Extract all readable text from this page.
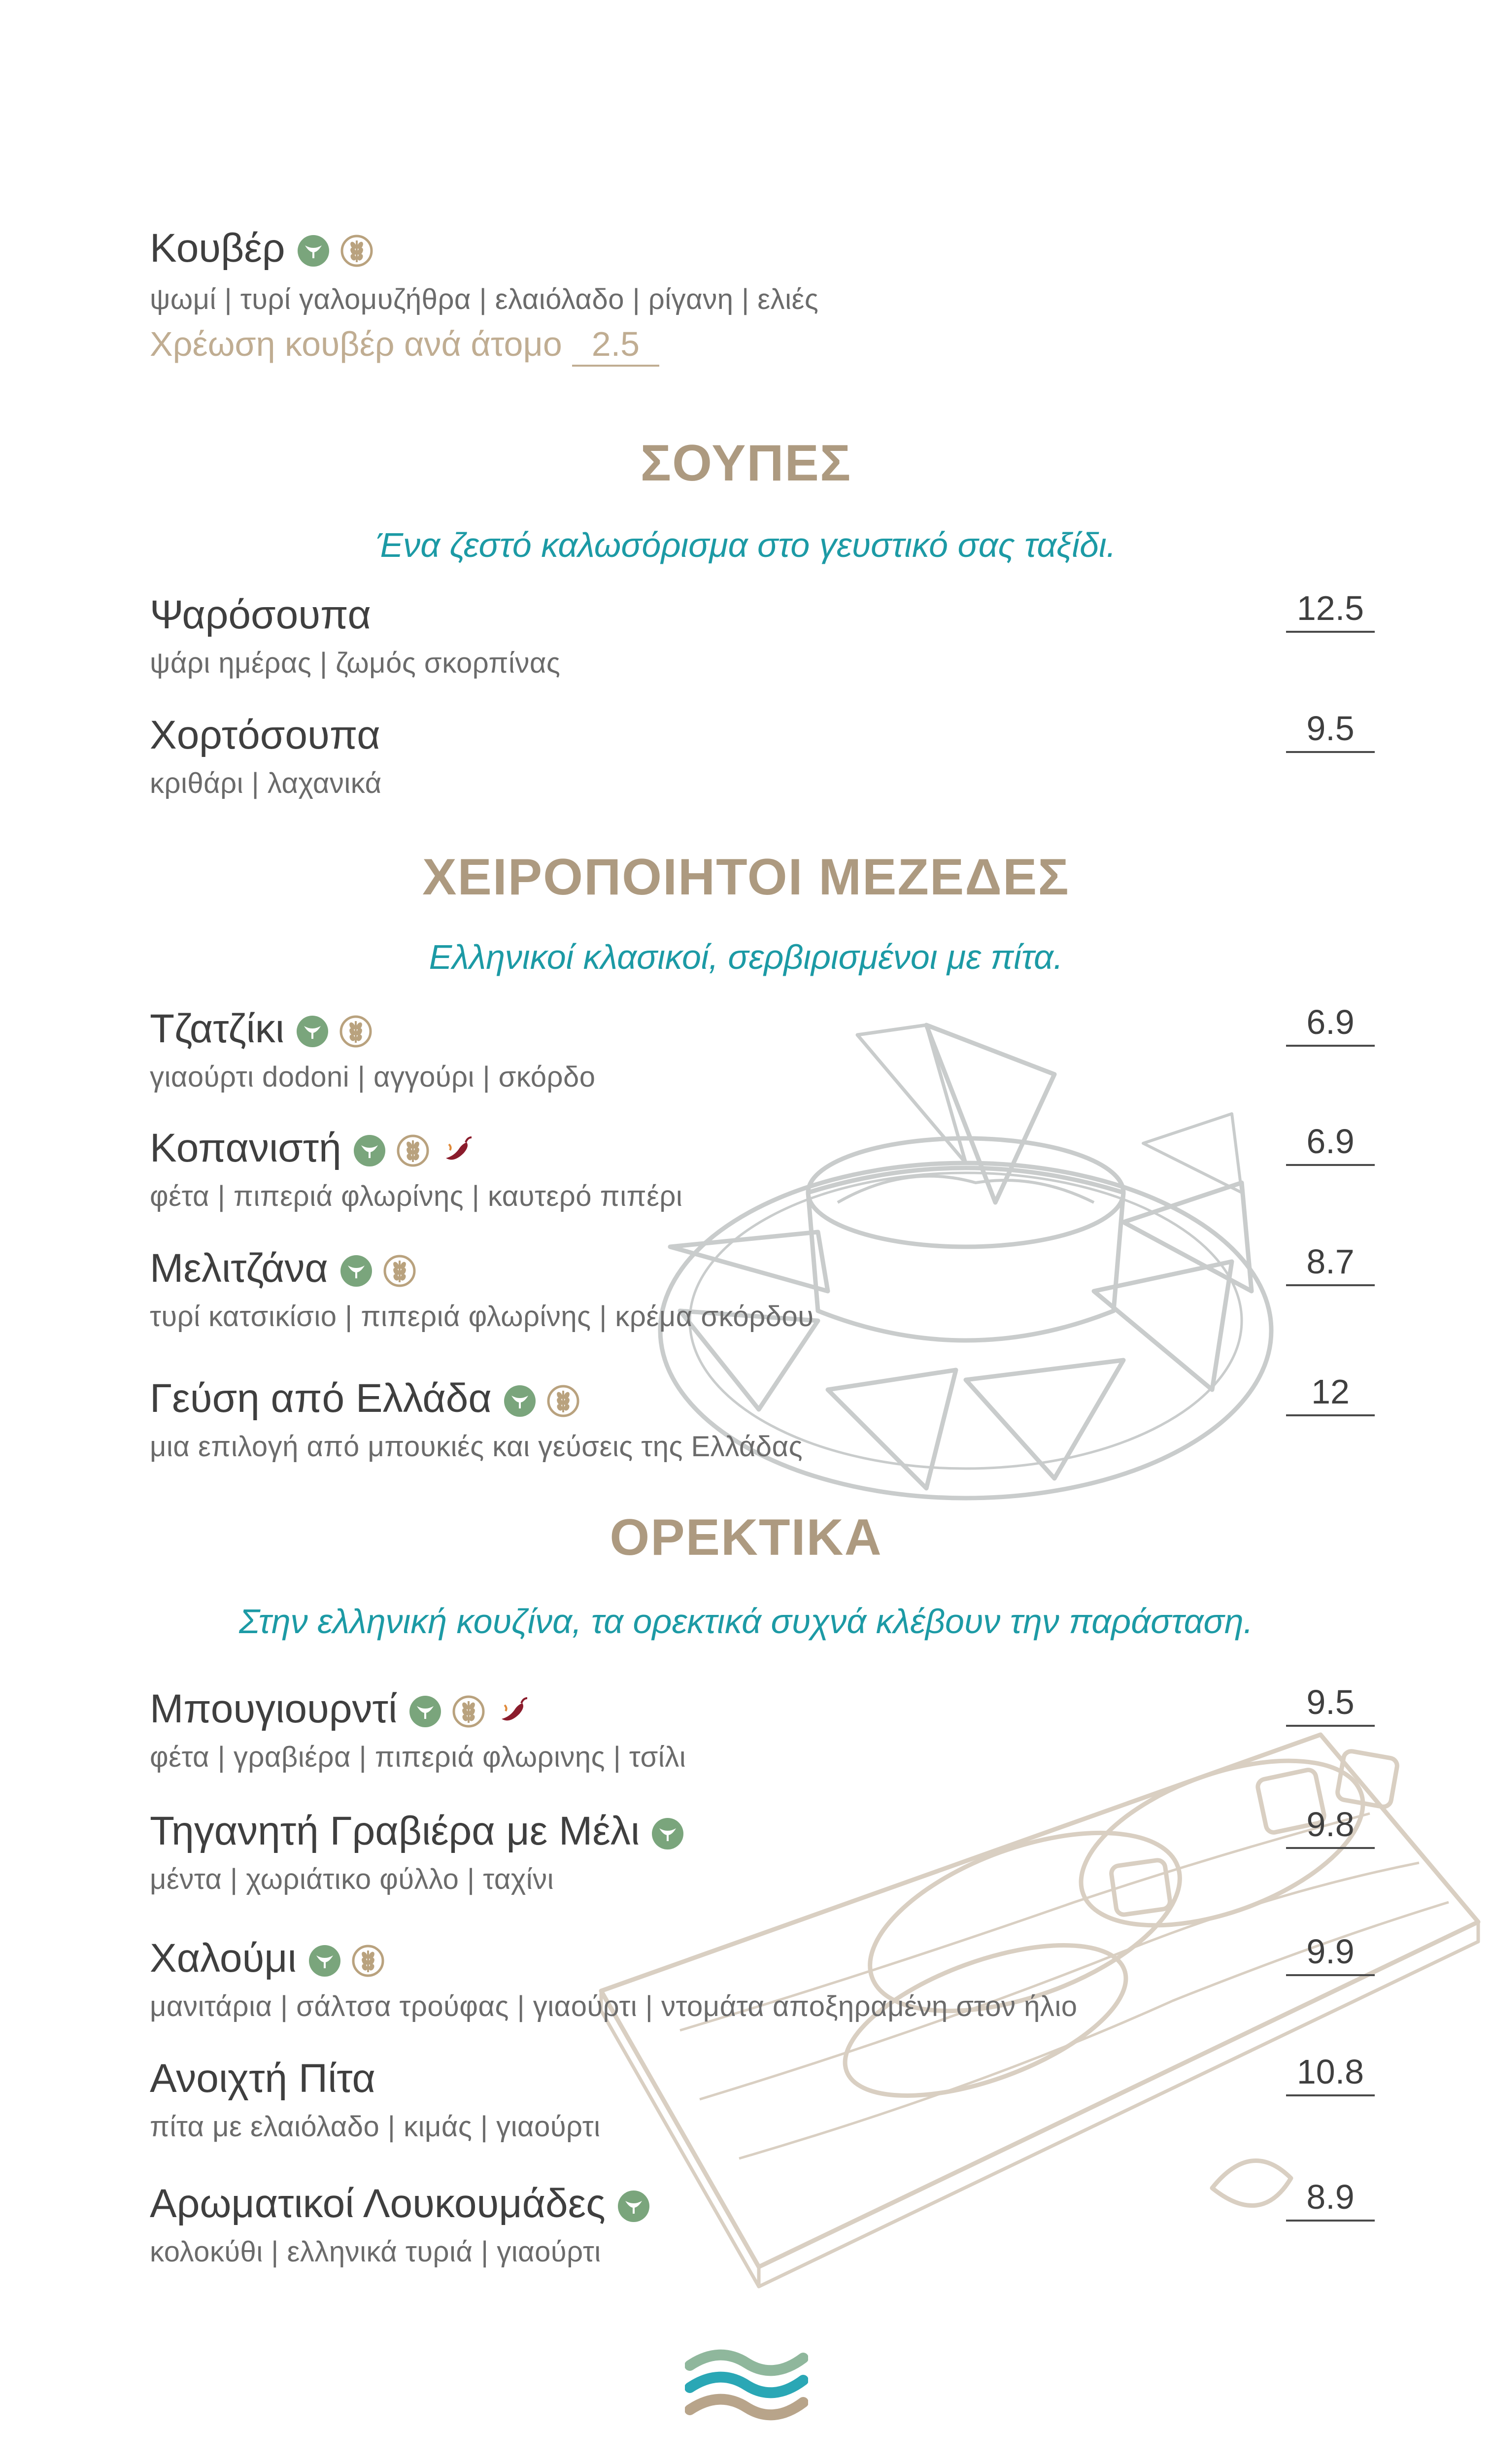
Κουβέρ
ψωμί | τυρί γαλομυζήθρα | ελαιόλαδο | ρίγανη | ελιές
Χρέωση κουβέρ ανά άτομο 2.5
ΣΟΥΠΕΣ
Ένα ζεστό καλωσόρισμα στο γευστικό σας ταξίδι.
Ψαρόσουπα
ψάρι ημέρας | ζωμός σκορπίνας
12.5
Χορτόσουπα
κριθάρι | λαχανικά
9.5
ΧΕΙΡΟΠΟΙΗΤΟΙ ΜΕΖΕΔΕΣ
Ελληνικοί κλασικοί, σερβιρισμένοι με πίτα.
Τζατζίκι
γιαούρτι dodoni | αγγούρι | σκόρδο
6.9
Κοπανιστή
φέτα | πιπεριά φλωρίνης | καυτερό πιπέρι
6.9
Μελιτζάνα
τυρί κατσικίσιο | πιπεριά φλωρίνης | κρέμα σκόρδου
8.7
Γεύση από Ελλάδα
μια επιλογή από μπουκιές και γεύσεις της Ελλάδας
12
ΟΡΕΚΤΙΚΑ
Στην ελληνική κουζίνα, τα ορεκτικά συχνά κλέβουν την παράσταση.
Μπουγιουρντί
φέτα | γραβιέρα | πιπεριά φλωρινης | τσίλι
9.5
Τηγανητή Γραβιέρα με Μέλι
μέντα | χωριάτικο φύλλο | ταχίνι
9.8
Χαλούμι
μανιτάρια | σάλτσα τρούφας | γιαούρτι | ντομάτα αποξηραμένη στον ήλιο
9.9
Ανοιχτή Πίτα
πίτα με ελαιόλαδο | κιμάς | γιαούρτι
10.8
Αρωματικοί Λουκουμάδες
κολοκύθι | ελληνικά τυριά | γιαούρτι
8.9
